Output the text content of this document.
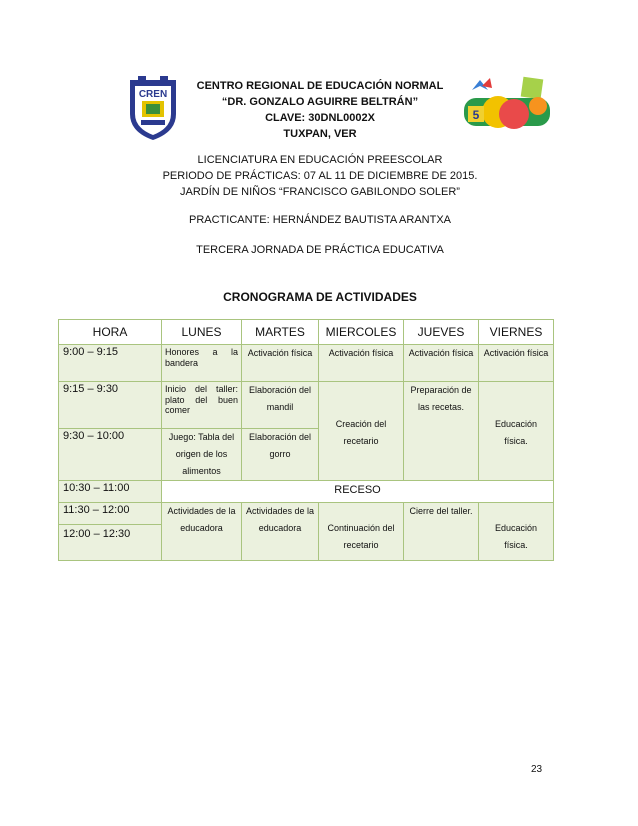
CREN
5
CENTRO REGIONAL DE EDUCACIÓN NORMAL
“DR. GONZALO AGUIRRE BELTRÁN”
CLAVE: 30DNL0002X
TUXPAN, VER
LICENCIATURA EN EDUCACIÓN PREESCOLAR
PERIODO DE PRÁCTICAS: 07 AL 11 DE DICIEMBRE DE 2015.
JARDÍN DE NIÑOS “FRANCISCO GABILONDO SOLER”
PRACTICANTE: HERNÁNDEZ BAUTISTA ARANTXA
TERCERA JORNADA DE PRÁCTICA EDUCATIVA
CRONOGRAMA DE ACTIVIDADES
HORA	LUNES	MARTES	MIERCOLES	JUEVES	VIERNES
9:00 – 9:15	Honores a la bandera	Activación física	Activación física	Activación física	Activación física
9:15 – 9:30	Inicio del taller: plato del buen comer	Elaboración del mandil	Creación del recetario	Preparación de las recetas.	Educación física.
9:30 – 10:00	Juego: Tabla del origen de los alimentos	Elaboración del gorro			
10:30 – 11:00	RECESO				
11:30 – 12:00	Actividades de la educadora	Actividades de la educadora	Continuación del recetario	Cierre del taller.	Educación física.
12:00 – 12:30					
23
